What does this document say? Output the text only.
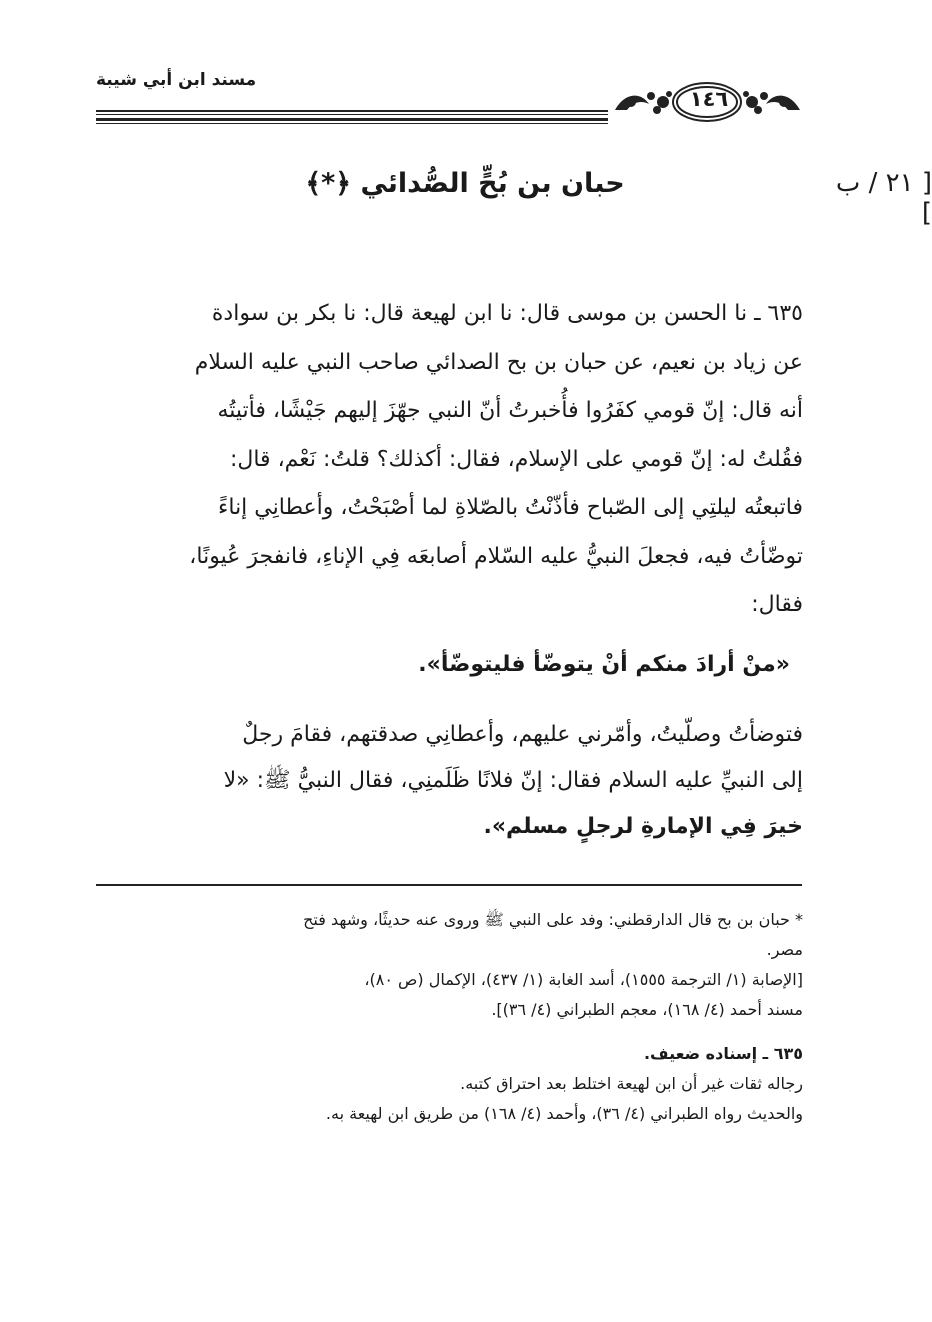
مسند ابن أبي شيبة
١٤٦
[ ٢١ / ب ]
حبان بن بُحٍّ الصُّدائي ﴿*﴾

٦٣٥ ـ نا الحسن بن موسى قال: نا ابن لهيعة قال: نا بكر بن سوادة

عن زياد بن نعيم، عن حبان بن بح الصدائي صاحب النبي عليه السلام

أنه قال: إنّ قومي كفَرُوا فأُخبرتُ أنّ النبي جهّزَ إليهم جَيْشًا، فأتيتُه

فقُلتُ له: إنّ قومي على الإسلام، فقال: أكذلك؟ قلتُ: نَعْم، قال:

فاتبعتُه ليلتِي إلى الصّباح فأذّنْتُ بالصّلاةِ لما أصْبَحْتُ، وأعطانِي إناءً

توضّأتُ فيه، فجعلَ النبيُّ عليه السّلام أصابعَه فِي الإناءِ، فانفجرَ عُيونًا،

فقال:

«منْ أرادَ منكم أنْ يتوضّأ فليتوضّأ».

فتوضأتُ وصلّيتُ، وأمّرني عليهم، وأعطانِي صدقتهم، فقامَ رجلٌ

إلى النبيِّ عليه السلام فقال: إنّ فلانًا ظَلَمنِي، فقال النبيُّ ﷺ: «لا

خيرَ فِي الإمارةِ لرجلٍ مسلم».

* حبان بن بح قال الدارقطني: وفد على النبي ﷺ وروى عنه حديثًا، وشهد فتح

مصر.

[الإصابة (١/ الترجمة ١٥٥٥)، أسد الغابة (١/ ٤٣٧)، الإكمال (ص ٨٠)،

مسند أحمد (٤/ ١٦٨)، معجم الطبراني (٤/ ٣٦)].

٦٣٥ ـ إسناده ضعيف.

رجاله ثقات غير أن ابن لهيعة اختلط بعد احتراق كتبه.

والحديث رواه الطبراني (٤/ ٣٦)، وأحمد (٤/ ١٦٨) من طريق ابن لهيعة به.
